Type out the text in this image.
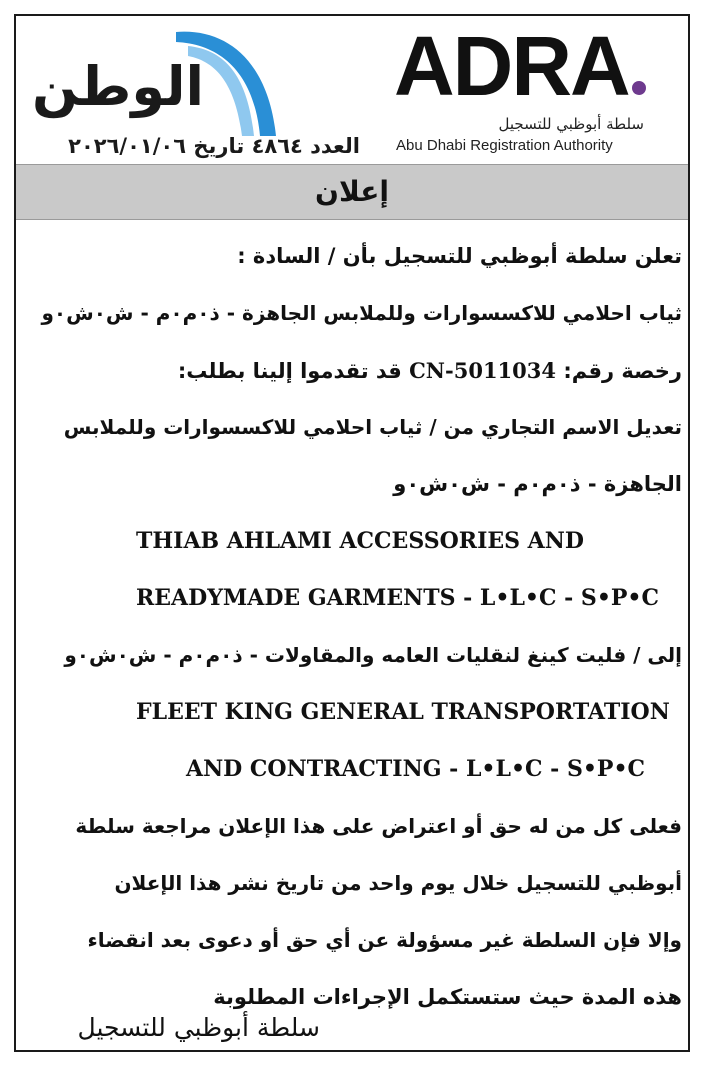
الوطن
العدد ٤٨٦٤ تاريخ ٢٠٢٦/٠١/٠٦
ADRA
سلطة أبوظبي للتسجيل
Abu Dhabi Registration Authority
إعلان
تعلن سلطة أبوظبي للتسجيل بأن / السادة :
ثياب احلامي للاكسسوارات وللملابس الجاهزة - ذ٠م٠م - ش٠ش٠و
رخصة رقم: CN-5011034 قد تقدموا إلينا بطلب:
تعديل الاسم التجاري من / ثياب احلامي للاكسسوارات وللملابس
الجاهزة - ذ٠م٠م - ش٠ش٠و
THIAB AHLAMI ACCESSORIES AND
READYMADE GARMENTS - L•L•C - S•P•C
إلى / فليت كينغ لنقليات العامه والمقاولات - ذ٠م٠م - ش٠ش٠و
FLEET KING GENERAL TRANSPORTATION
AND CONTRACTING - L•L•C - S•P•C
فعلى كل من له حق أو اعتراض على هذا الإعلان مراجعة سلطة
أبوظبي للتسجيل خلال يوم واحد من تاريخ نشر هذا الإعلان
وإلا فإن السلطة غير مسؤولة عن أي حق أو دعوى بعد انقضاء
هذه المدة حيث ستستكمل الإجراءات المطلوبة
سلطة أبوظبي للتسجيل
